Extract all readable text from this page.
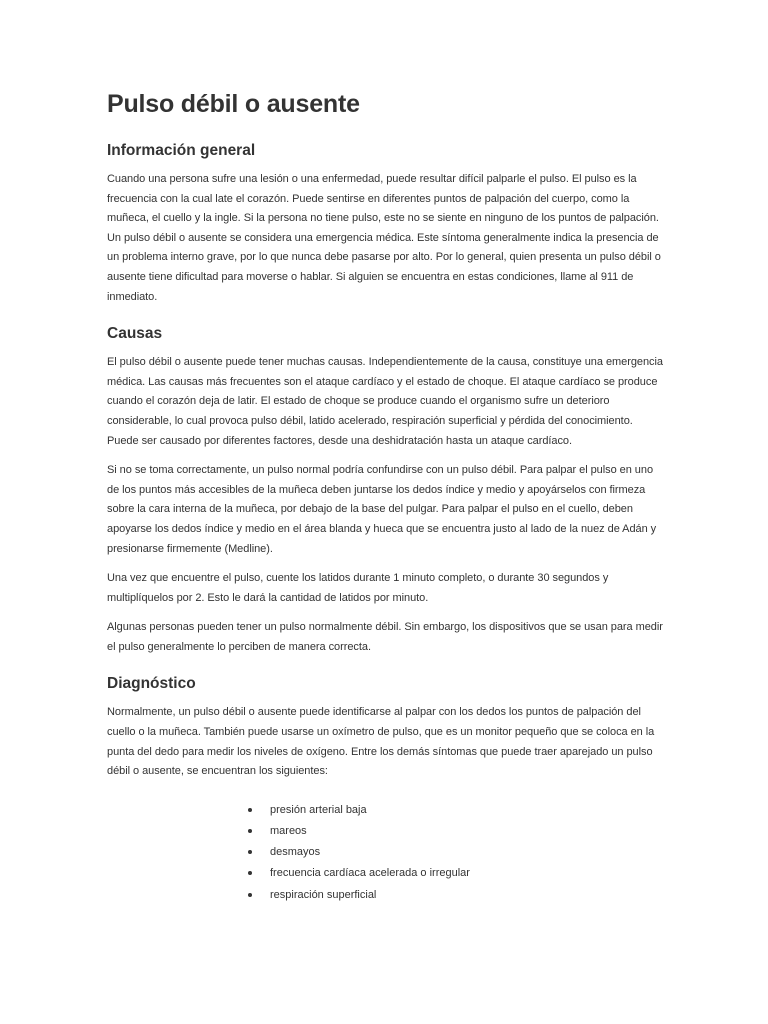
Pulso débil o ausente
Información general

Cuando una persona sufre una lesión o una enfermedad, puede resultar difícil palparle el pulso. El pulso es la frecuencia con la cual late el corazón. Puede sentirse en diferentes puntos de palpación del cuerpo, como la muñeca, el cuello y la ingle. Si la persona no tiene pulso, este no se siente en ninguno de los puntos de palpación. Un pulso débil o ausente se considera una emergencia médica. Este síntoma generalmente indica la presencia de un problema interno grave, por lo que nunca debe pasarse por alto. Por lo general, quien presenta un pulso débil o ausente tiene dificultad para moverse o hablar. Si alguien se encuentra en estas condiciones, llame al 911 de inmediato.

Causas

El pulso débil o ausente puede tener muchas causas. Independientemente de la causa, constituye una emergencia médica. Las causas más frecuentes son el ataque cardíaco y el estado de choque. El ataque cardíaco se produce cuando el corazón deja de latir. El estado de choque se produce cuando el organismo sufre un deterioro considerable, lo cual provoca pulso débil, latido acelerado, respiración superficial y pérdida del conocimiento. Puede ser causado por diferentes factores, desde una deshidratación hasta un ataque cardíaco.

Si no se toma correctamente, un pulso normal podría confundirse con un pulso débil. Para palpar el pulso en uno de los puntos más accesibles de la muñeca deben juntarse los dedos índice y medio y apoyárselos con firmeza sobre la cara interna de la muñeca, por debajo de la base del pulgar. Para palpar el pulso en el cuello, deben apoyarse los dedos índice y medio en el área blanda y hueca que se encuentra justo al lado de la nuez de Adán y presionarse firmemente (Medline).

Una vez que encuentre el pulso, cuente los latidos durante 1 minuto completo, o durante 30 segundos y multiplíquelos por 2. Esto le dará la cantidad de latidos por minuto.

Algunas personas pueden tener un pulso normalmente débil. Sin embargo, los dispositivos que se usan para medir el pulso generalmente lo perciben de manera correcta.

Diagnóstico

Normalmente, un pulso débil o ausente puede identificarse al palpar con los dedos los puntos de palpación del cuello o la muñeca. También puede usarse un oxímetro de pulso, que es un monitor pequeño que se coloca en la punta del dedo para medir los niveles de oxígeno. Entre los demás síntomas que puede traer aparejado un pulso débil o ausente, se encuentran los siguientes:

presión arterial baja
mareos
desmayos
frecuencia cardíaca acelerada o irregular
respiración superficial
